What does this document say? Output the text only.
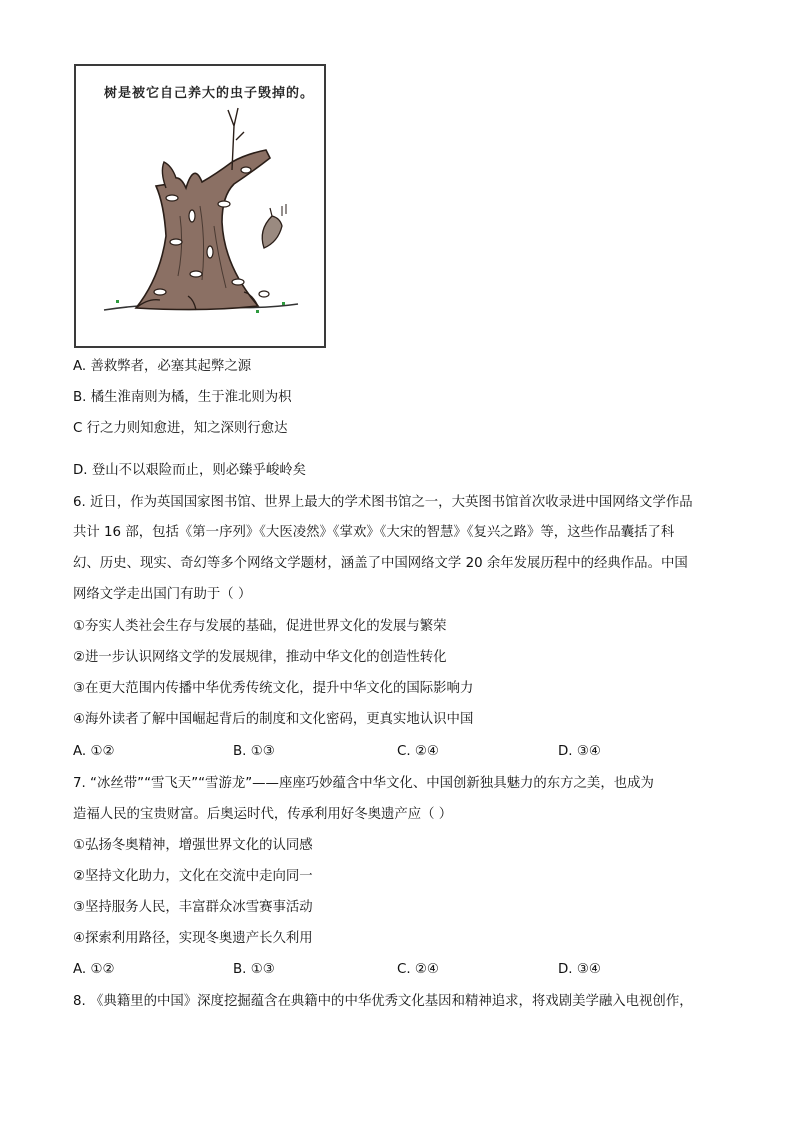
树是被它自己养大的虫子毁掉的。
A. 善救弊者，必塞其起弊之源
B. 橘生淮南则为橘，生于淮北则为枳
C 行之力则知愈进，知之深则行愈达
D. 登山不以艰险而止，则必臻乎峻岭矣
6. 近日，作为英国国家图书馆、世界上最大的学术图书馆之一，大英图书馆首次收录进中国网络文学作品
共计 16 部，包括《第一序列》《大医凌然》《掌欢》《大宋的智慧》《复兴之路》等，这些作品囊括了科
幻、历史、现实、奇幻等多个网络文学题材，涵盖了中国网络文学 20 余年发展历程中的经典作品。中国
网络文学走出国门有助于（ ）
①夯实人类社会生存与发展的基础，促进世界文化的发展与繁荣
②进一步认识网络文学的发展规律，推动中华文化的创造性转化
③在更大范围内传播中华优秀传统文化，提升中华文化的国际影响力
④海外读者了解中国崛起背后的制度和文化密码，更真实地认识中国
A. ①②	B. ①③	C. ②④	D. ③④
7. “冰丝带”“雪飞天”“雪游龙”——座座巧妙蕴含中华文化、中国创新独具魅力的东方之美，也成为
造福人民的宝贵财富。后奥运时代，传承利用好冬奥遗产应（ ）
①弘扬冬奥精神，增强世界文化的认同感
②坚持文化助力，文化在交流中走向同一
③坚持服务人民，丰富群众冰雪赛事活动
④探索利用路径，实现冬奥遗产长久利用
A. ①②	B. ①③	C. ②④	D. ③④
8. 《典籍里的中国》深度挖掘蕴含在典籍中的中华优秀文化基因和精神追求，将戏剧美学融入电视创作，
